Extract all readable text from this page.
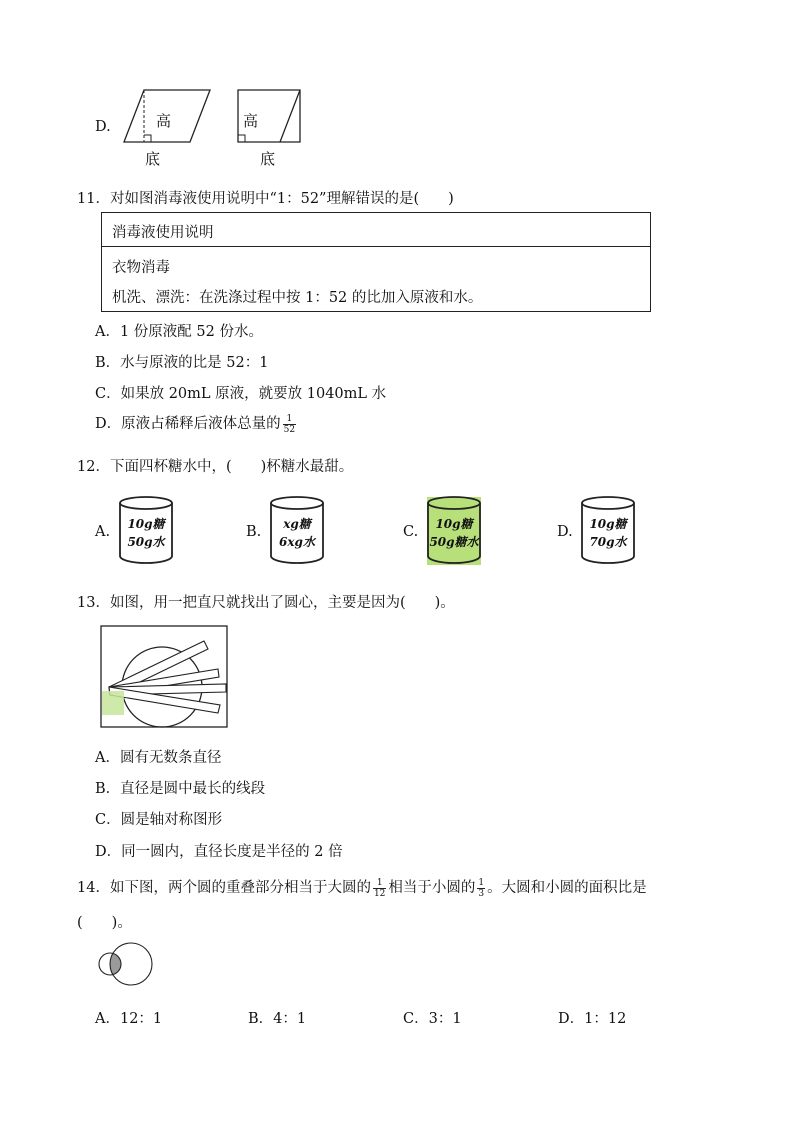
D.	高
底
高
底
11．对如图消毒液使用说明中“1：52”理解错误的是(　　)
消毒液使用说明
衣物消毒
机洗、漂洗：在洗涤过程中按 1：52 的比加入原液和水。
A．1 份原液配 52 份水。
B．水与原液的比是 52：1
C．如果放 20mL 原液，就要放 1040mL 水
D．原液占稀释后液体总量的 $\frac{1}{52}$
12．下面四杯糖水中，(　　)杯糖水最甜。
A. 10g糖
50g水
B. xg糖
6xg水
C. 10g糖
50g糖水
D. 10g糖
70g水
13．如图，用一把直尺就找出了圆心，主要是因为(　　)。
A．圆有无数条直径
B．直径是圆中最长的线段
C．圆是轴对称图形
D．同一圆内，直径长度是半径的 2 倍
14．如下图，两个圆的重叠部分相当于大圆的 $\frac{1}{12}$ 相当于小圆的 $\frac{1}{3}$ 。大圆和小圆的面积比是
(　　)。
A．12：1	B．4：1	C．3：1	D．1：12
